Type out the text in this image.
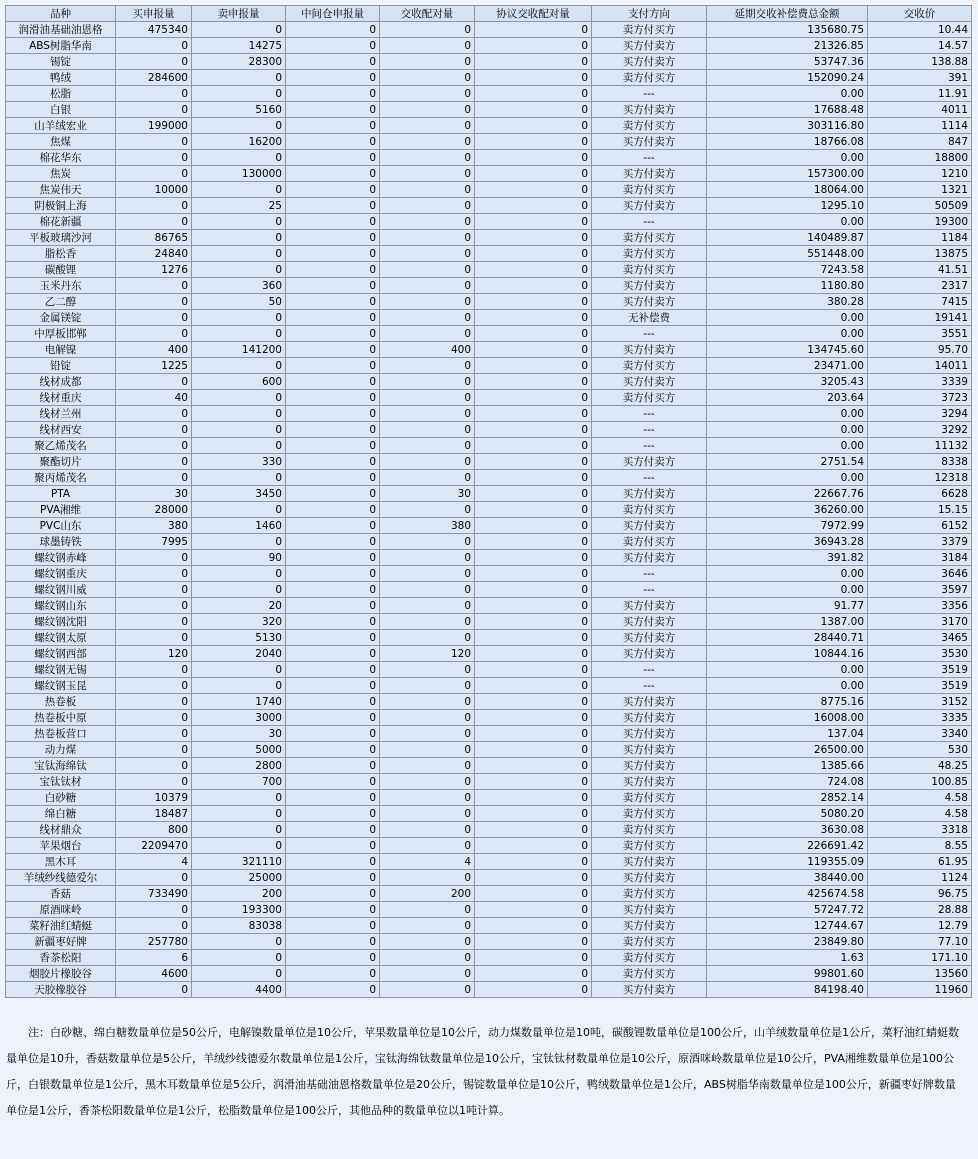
品种	买申报量	卖申报量	中间仓申报量	交收配对量	协议交收配对量	支付方向	延期交收补偿费总金额	交收价
润滑油基础油恩格	475340	0	0	0	0	卖方付买方	135680.75	10.44
ABS树脂华南	0	14275	0	0	0	买方付卖方	21326.85	14.57
锡锭	0	28300	0	0	0	买方付卖方	53747.36	138.88
鸭绒	284600	0	0	0	0	卖方付买方	152090.24	391
松脂	0	0	0	0	0	---	0.00	11.91
白银	0	5160	0	0	0	买方付卖方	17688.48	4011
山羊绒宏业	199000	0	0	0	0	卖方付买方	303116.80	1114
焦煤	0	16200	0	0	0	买方付卖方	18766.08	847
棉花华东	0	0	0	0	0	---	0.00	18800
焦炭	0	130000	0	0	0	买方付卖方	157300.00	1210
焦炭伟天	10000	0	0	0	0	卖方付买方	18064.00	1321
阴极铜上海	0	25	0	0	0	买方付卖方	1295.10	50509
棉花新疆	0	0	0	0	0	---	0.00	19300
平板玻璃沙河	86765	0	0	0	0	卖方付买方	140489.87	1184
脂松香	24840	0	0	0	0	卖方付买方	551448.00	13875
碳酸锂	1276	0	0	0	0	卖方付买方	7243.58	41.51
玉米丹东	0	360	0	0	0	买方付卖方	1180.80	2317
乙二醇	0	50	0	0	0	买方付卖方	380.28	7415
金属镁锭	0	0	0	0	0	无补偿费	0.00	19141
中厚板邯郸	0	0	0	0	0	---	0.00	3551
电解镍	400	141200	0	400	0	买方付卖方	134745.60	95.70
铅锭	1225	0	0	0	0	卖方付买方	23471.00	14011
线材成都	0	600	0	0	0	买方付卖方	3205.43	3339
线材重庆	40	0	0	0	0	卖方付买方	203.64	3723
线材兰州	0	0	0	0	0	---	0.00	3294
线材西安	0	0	0	0	0	---	0.00	3292
聚乙烯茂名	0	0	0	0	0	---	0.00	11132
聚酯切片	0	330	0	0	0	买方付卖方	2751.54	8338
聚丙烯茂名	0	0	0	0	0	---	0.00	12318
PTA	30	3450	0	30	0	买方付卖方	22667.76	6628
PVA湘维	28000	0	0	0	0	卖方付买方	36260.00	15.15
PVC山东	380	1460	0	380	0	买方付卖方	7972.99	6152
球墨铸铁	7995	0	0	0	0	卖方付买方	36943.28	3379
螺纹钢赤峰	0	90	0	0	0	买方付卖方	391.82	3184
螺纹钢重庆	0	0	0	0	0	---	0.00	3646
螺纹钢川威	0	0	0	0	0	---	0.00	3597
螺纹钢山东	0	20	0	0	0	买方付卖方	91.77	3356
螺纹钢沈阳	0	320	0	0	0	买方付卖方	1387.00	3170
螺纹钢太原	0	5130	0	0	0	买方付卖方	28440.71	3465
螺纹钢西部	120	2040	0	120	0	买方付卖方	10844.16	3530
螺纹钢无锡	0	0	0	0	0	---	0.00	3519
螺纹钢玉昆	0	0	0	0	0	---	0.00	3519
热卷板	0	1740	0	0	0	买方付卖方	8775.16	3152
热卷板中原	0	3000	0	0	0	买方付卖方	16008.00	3335
热卷板营口	0	30	0	0	0	买方付卖方	137.04	3340
动力煤	0	5000	0	0	0	买方付卖方	26500.00	530
宝钛海绵钛	0	2800	0	0	0	买方付卖方	1385.66	48.25
宝钛钛材	0	700	0	0	0	买方付卖方	724.08	100.85
白砂糖	10379	0	0	0	0	卖方付买方	2852.14	4.58
绵白糖	18487	0	0	0	0	卖方付买方	5080.20	4.58
线材鼎众	800	0	0	0	0	卖方付买方	3630.08	3318
苹果烟台	2209470	0	0	0	0	卖方付买方	226691.42	8.55
黑木耳	4	321110	0	4	0	买方付卖方	119355.09	61.95
羊绒纱线德爱尔	0	25000	0	0	0	买方付卖方	38440.00	1124
香菇	733490	200	0	200	0	卖方付买方	425674.58	96.75
原酒咪岭	0	193300	0	0	0	买方付卖方	57247.72	28.88
菜籽油红蜻蜓	0	83038	0	0	0	买方付卖方	12744.67	12.79
新疆枣好牌	257780	0	0	0	0	卖方付买方	23849.80	77.10
香茶松阳	6	0	0	0	0	卖方付买方	1.63	171.10
烟胶片橡胶谷	4600	0	0	0	0	卖方付买方	99801.60	13560
天胶橡胶谷	0	4400	0	0	0	买方付卖方	84198.40	11960
注：白砂糖、绵白糖数量单位是50公斤，电解镍数量单位是10公斤，苹果数量单位是10公斤，动力煤数量单位是10吨，碳酸锂数量单位是100公斤，山羊绒数量单位是1公斤，菜籽油红蜻蜓数量单位是10升，香菇数量单位是5公斤，羊绒纱线德爱尔数量单位是1公斤，宝钛海绵钛数量单位是10公斤，宝钛钛材数量单位是10公斤，原酒咪岭数量单位是10公斤，PVA湘维数量单位是100公斤，白银数量单位是1公斤，黑木耳数量单位是5公斤，润滑油基础油恩格数量单位是20公斤，锡锭数量单位是10公斤，鸭绒数量单位是1公斤，ABS树脂华南数量单位是100公斤，新疆枣好牌数量单位是1公斤，香茶松阳数量单位是1公斤，松脂数量单位是100公斤，其他品种的数量单位以1吨计算。
